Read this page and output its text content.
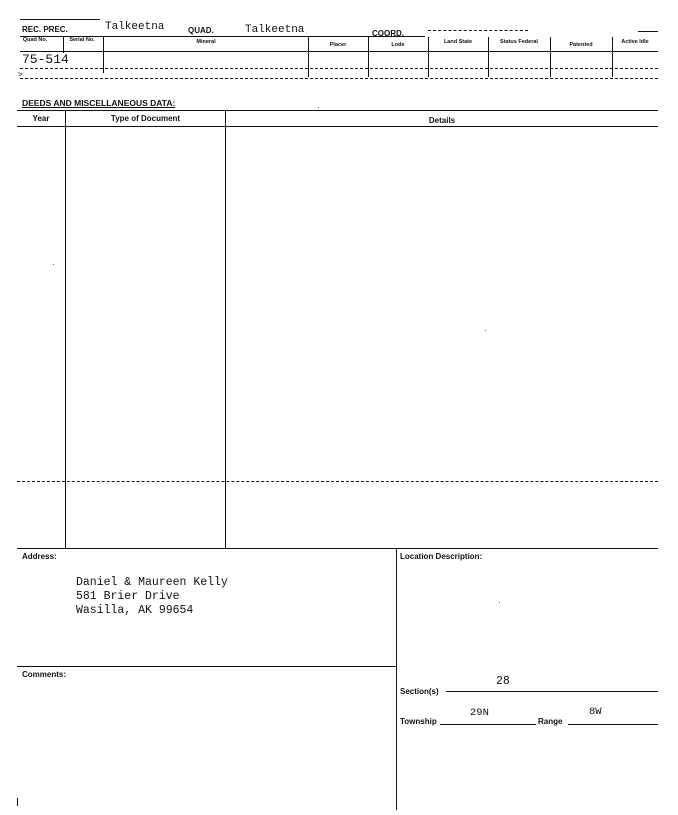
REC. PREC.	Talkeetna	QUAD.	Talkeetna	COORD.
Quad No.	Serial No.	Mineral	Placer	Lode	Land State	Status Federal	Patented	Active Idle
75-514
>
DEEDS AND MISCELLANEOUS DATA:
Year	Type of Document	Details
·
·
·
·
Address:
Daniel & Maureen Kelly
581 Brier Drive
Wasilla, AK 99654
Location Description:
Comments:
Section(s)
28
Township
29N
Range
8W
